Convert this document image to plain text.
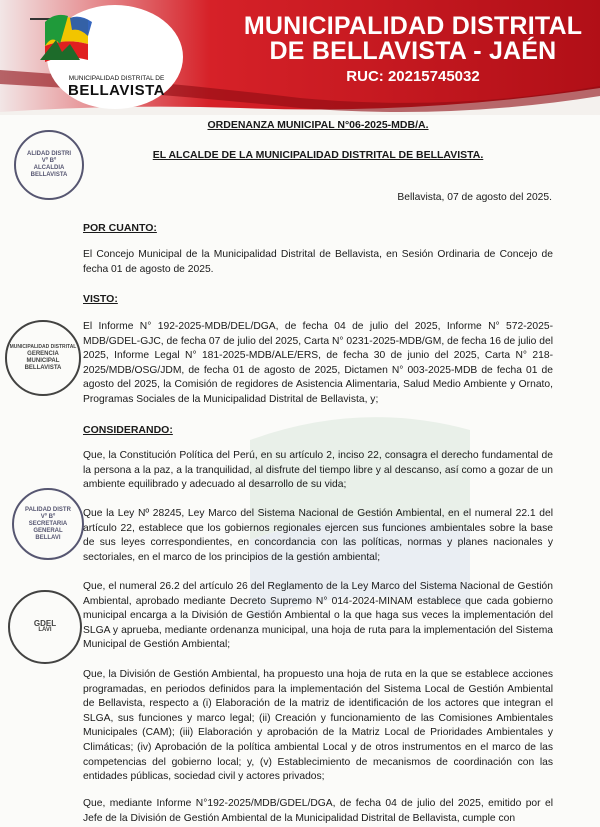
MUNICIPALIDAD DISTRITAL DE
BELLAVISTA
MUNICIPALIDAD DISTRITAL
DE BELLAVISTA - JAÉN
RUC: 20215745032
ORDENANZA MUNICIPAL N°06-2025-MDB/A.
EL ALCALDE DE LA MUNICIPALIDAD DISTRITAL DE BELLAVISTA.
Bellavista, 07 de agosto del 2025.
POR CUANTO:
El Concejo Municipal de la Municipalidad Distrital de Bellavista, en Sesión Ordinaria de Concejo de fecha 01 de agosto de 2025.
VISTO:
El Informe N° 192-2025-MDB/DEL/DGA, de fecha 04 de julio del 2025, Informe N° 572-2025-MDB/GDEL-GJC, de fecha 07 de julio del 2025, Carta N° 0231-2025-MDB/GM, de fecha 16 de julio del 2025, Informe Legal N° 181-2025-MDB/ALE/ERS, de fecha 30 de junio del 2025, Carta N° 218-2025/MDB/OSG/JDM, de fecha 01 de agosto de 2025, Dictamen N° 003-2025-MDB de fecha 01 de agosto del 2025, la Comisión de regidores de Asistencia Alimentaria, Salud Medio Ambiente y Ornato, Programas Sociales de la Municipalidad Distrital de Bellavista, y;
CONSIDERANDO:
Que, la Constitución Política del Perú, en su artículo 2, inciso 22, consagra el derecho fundamental de la persona a la paz, a la tranquilidad, al disfrute del tiempo libre y al descanso, así como a gozar de un ambiente equilibrado y adecuado al desarrollo de su vida;
Que la Ley Nº 28245, Ley Marco del Sistema Nacional de Gestión Ambiental, en el numeral 22.1 del artículo 22, establece que los gobiernos regionales ejercen sus funciones ambientales sobre la base de sus leyes correspondientes, en concordancia con las políticas, normas y planes nacionales y sectoriales, en el marco de los principios de la gestión ambiental;
Que, el numeral 26.2 del artículo 26 del Reglamento de la Ley Marco del Sistema Nacional de Gestión Ambiental, aprobado mediante Decreto Supremo N° 014-2024-MINAM establece que cada gobierno municipal encarga a la División de Gestión Ambiental o la que haga sus veces la implementación del SLGA y aprueba, mediante ordenanza municipal, una hoja de ruta para la implementación del Sistema Municipal de Gestión Ambiental;
Que, la División de Gestión Ambiental, ha propuesto una hoja de ruta en la que se establece acciones programadas, en periodos definidos para la implementación del Sistema Local de Gestión Ambiental de Bellavista, respecto a (i) Elaboración de la matriz de identificación de los actores que integran el SLGA, sus funciones y marco legal; (ii) Creación y funcionamiento de las Comisiones Ambientales Municipales (CAM); (iii) Elaboración y aprobación de la Matriz Local de Prioridades Ambientales y Climáticas; (iv) Aprobación de la política ambiental Local y de otros instrumentos en el marco de las competencias del gobierno local; y, (v) Establecimiento de mecanismos de coordinación con las entidades públicas, sociedad civil y actores privados;
Que, mediante Informe N°192-2025/MDB/GDEL/DGA, de fecha 04 de julio del 2025, emitido por el Jefe de la División de Gestión Ambiental de la Municipalidad Distrital de Bellavista, cumple con
ALIDAD DISTRI
Vº Bº
ALCALDIA
BELLAVISTA
MUNICIPALIDAD DISTRITAL
GERENCIA
MUNICIPAL
BELLAVISTA
PALIDAD DISTR
Vº Bº
SECRETARIA
GENERAL
BELLAVI
GDEL
LAVI
